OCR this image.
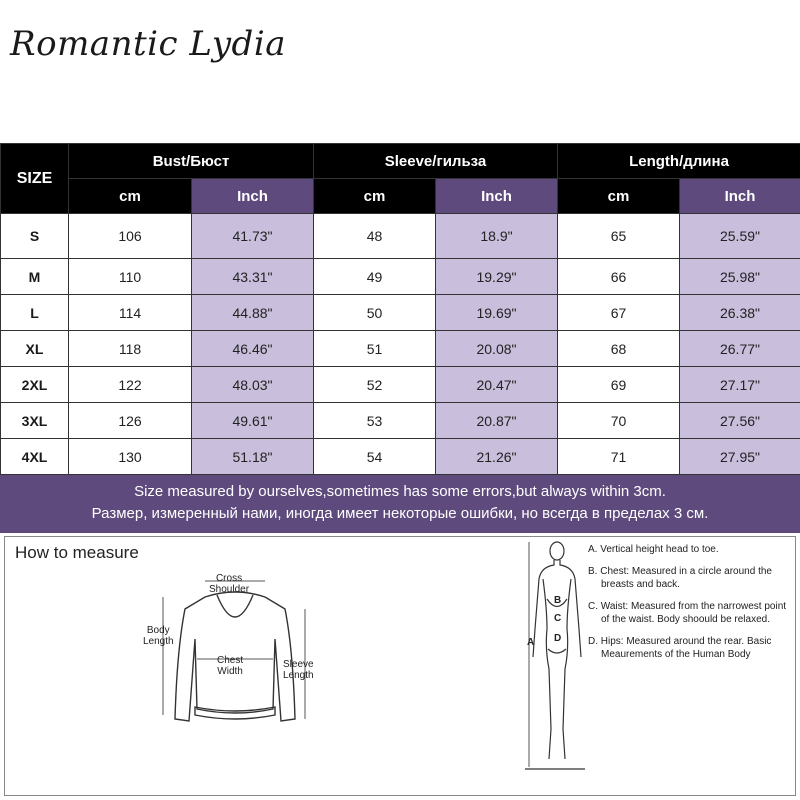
Romantic Lydia
SIZE	Bust/Бюст		Sleeve/гильза		Length/длина	
	cm	Inch	cm	Inch	cm	Inch
S	106	41.73"	48	18.9"	65	25.59"
M	110	43.31"	49	19.29"	66	25.98"
L	114	44.88"	50	19.69"	67	26.38"
XL	118	46.46"	51	20.08"	68	26.77"
2XL	122	48.03"	52	20.47"	69	27.17"
3XL	126	49.61"	53	20.87"	70	27.56"
4XL	130	51.18"	54	21.26"	71	27.95"
Size measured by ourselves,sometimes has some errors,but always within 3cm.
Размер, измеренный нами, иногда имеет некоторые ошибки, но всегда в пределах 3 см.
How to measure
Cross
Shoulder
Body
Length
Chest
Width
Sleeve
Length
A
B
C
D
A. Vertical height head to toe.
B. Chest: Measured in a circle around the breasts and back.
C. Waist: Measured from the narrowest point of the waist. Body shoould be relaxed.
D. Hips: Measured around the rear. Basic Meaurements of the Human Body
